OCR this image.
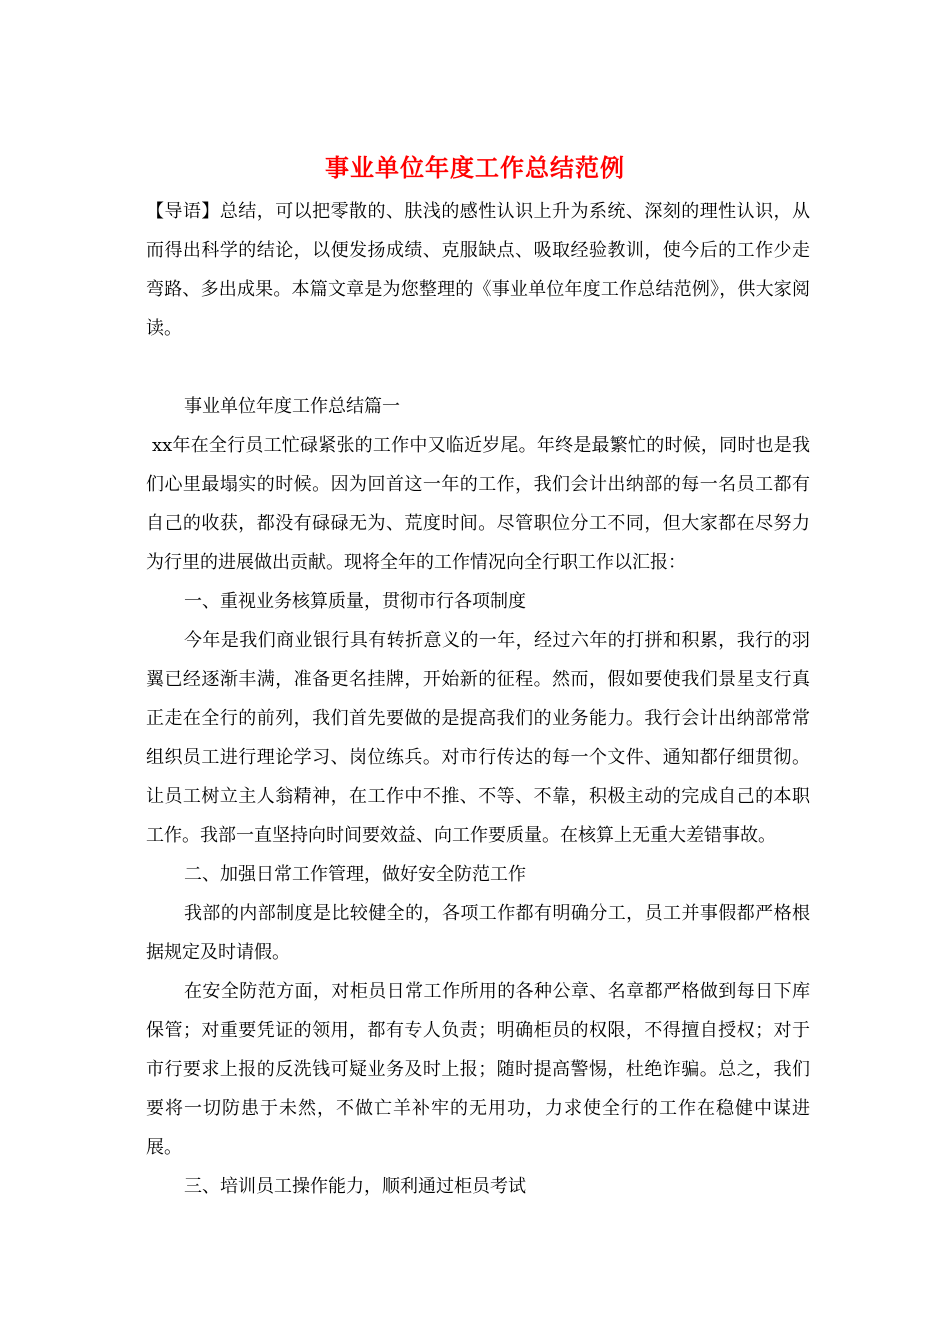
事业单位年度工作总结范例

【导语】总结，可以把零散的、肤浅的感性认识上升为系统、深刻的理性认识，从而得出科学的结论，以便发扬成绩、克服缺点、吸取经验教训，使今后的工作少走弯路、多出成果。本篇文章是为您整理的《事业单位年度工作总结范例》，供大家阅读。

事业单位年度工作总结篇一

xx年在全行员工忙碌紧张的工作中又临近岁尾。年终是最繁忙的时候，同时也是我们心里最塌实的时候。因为回首这一年的工作，我们会计出纳部的每一名员工都有自己的收获，都没有碌碌无为、荒度时间。尽管职位分工不同，但大家都在尽努力为行里的进展做出贡献。现将全年的工作情况向全行职工作以汇报：

一、重视业务核算质量，贯彻市行各项制度

今年是我们商业银行具有转折意义的一年，经过六年的打拼和积累，我行的羽翼已经逐渐丰满，准备更名挂牌，开始新的征程。然而，假如要使我们景星支行真正走在全行的前列，我们首先要做的是提高我们的业务能力。我行会计出纳部常常组织员工进行理论学习、岗位练兵。对市行传达的每一个文件、通知都仔细贯彻。让员工树立主人翁精神，在工作中不推、不等、不靠，积极主动的完成自己的本职工作。我部一直坚持向时间要效益、向工作要质量。在核算上无重大差错事故。

二、加强日常工作管理，做好安全防范工作

我部的内部制度是比较健全的，各项工作都有明确分工，员工并事假都严格根据规定及时请假。

在安全防范方面，对柜员日常工作所用的各种公章、名章都严格做到每日下库保管；对重要凭证的领用，都有专人负责；明确柜员的权限，不得擅自授权；对于市行要求上报的反洗钱可疑业务及时上报；随时提高警惕，杜绝诈骗。总之，我们要将一切防患于未然，不做亡羊补牢的无用功，力求使全行的工作在稳健中谋进展。

三、培训员工操作能力，顺利通过柜员考试
